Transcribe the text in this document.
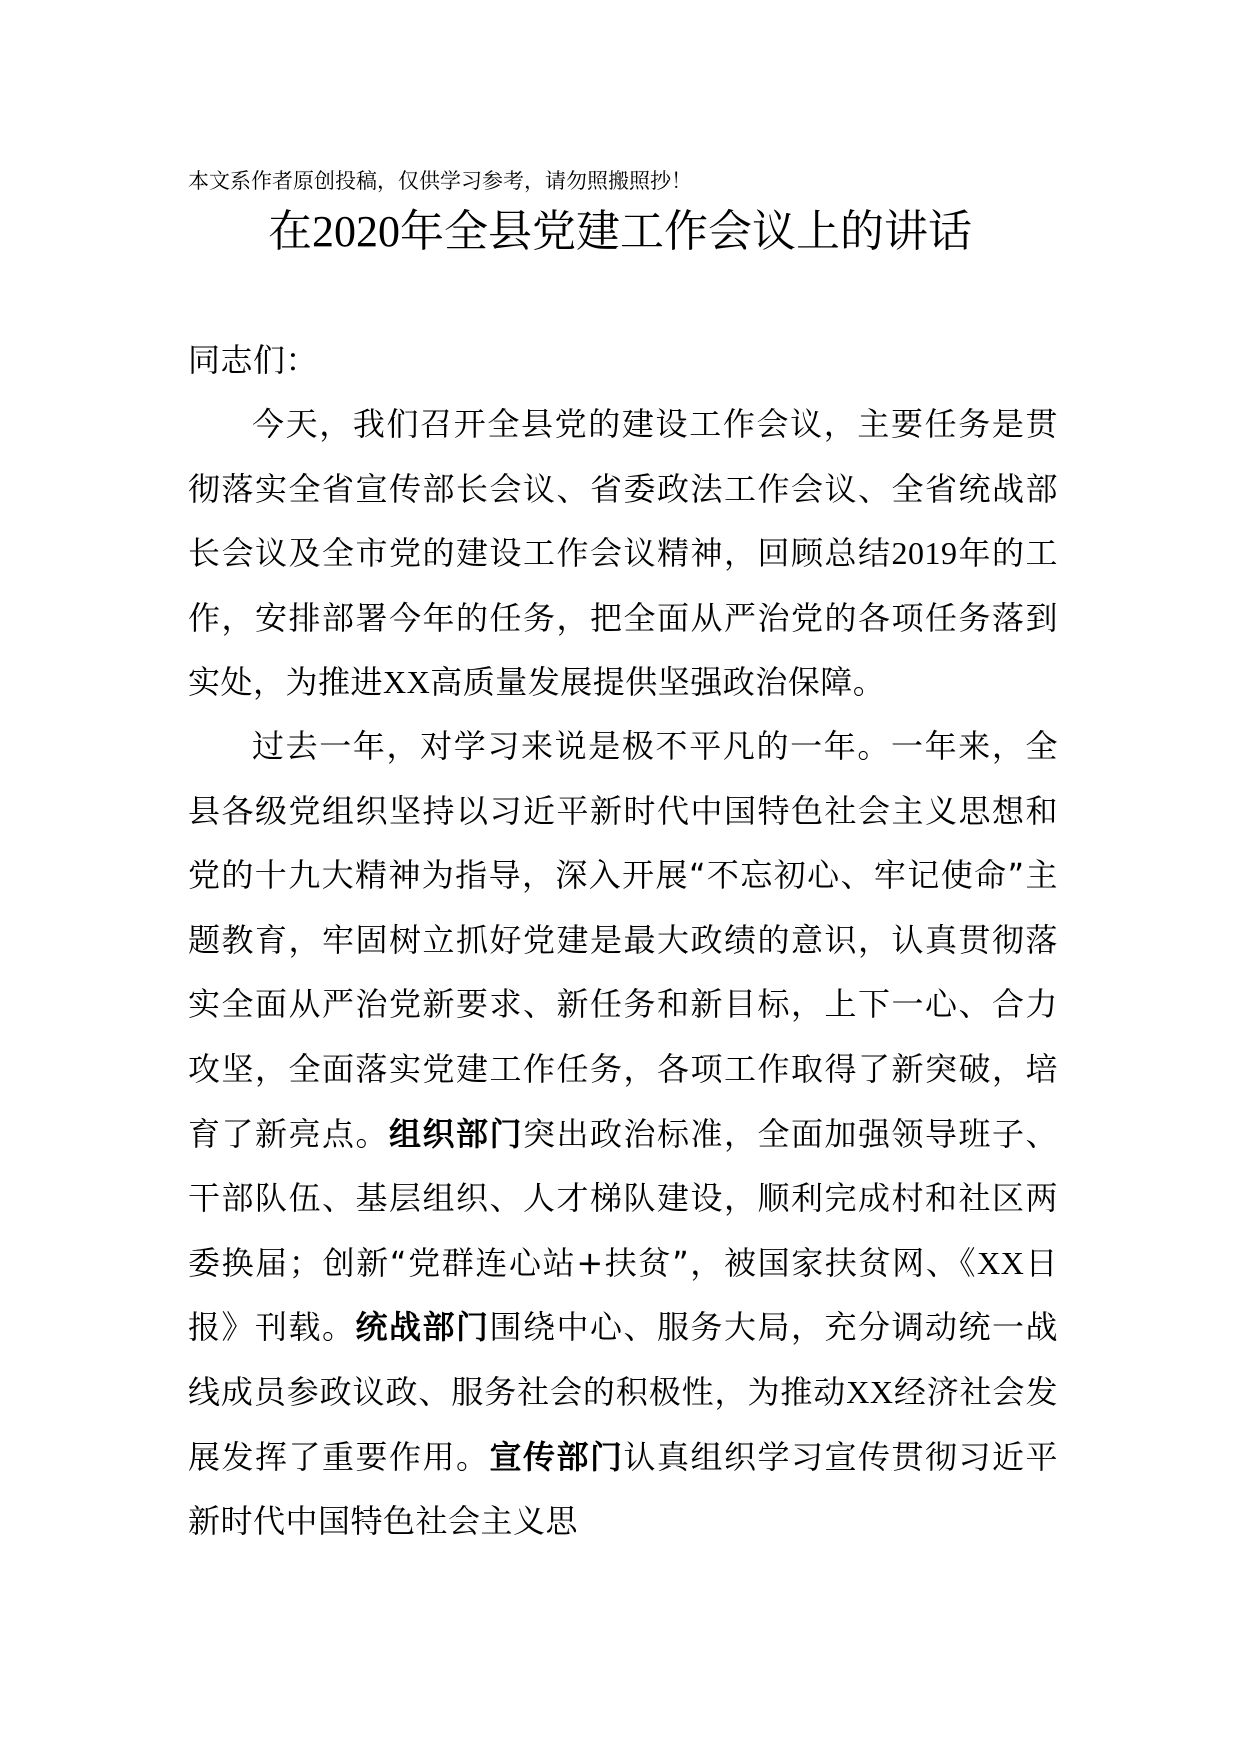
本文系作者原创投稿，仅供学习参考，请勿照搬照抄！
在2020年全县党建工作会议上的讲话
同志们：
今天，我们召开全县党的建设工作会议，主要任务是贯彻落实全省宣传部长会议、省委政法工作会议、全省统战部长会议及全市党的建设工作会议精神，回顾总结2019年的工作，安排部署今年的任务，把全面从严治党的各项任务落到实处，为推进XX高质量发展提供坚强政治保障。
过去一年，对学习来说是极不平凡的一年。一年来，全县各级党组织坚持以习近平新时代中国特色社会主义思想和党的十九大精神为指导，深入开展“不忘初心、牢记使命”主题教育，牢固树立抓好党建是最大政绩的意识，认真贯彻落实全面从严治党新要求、新任务和新目标，上下一心、合力攻坚，全面落实党建工作任务，各项工作取得了新突破，培育了新亮点。组织部门突出政治标准，全面加强领导班子、干部队伍、基层组织、人才梯队建设，顺利完成村和社区两委换届；创新“党群连心站+扶贫”，被国家扶贫网、《XX日报》刊载。统战部门围绕中心、服务大局，充分调动统一战线成员参政议政、服务社会的积极性，为推动XX经济社会发展发挥了重要作用。宣传部门认真组织学习宣传贯彻习近平新时代中国特色社会主义思
